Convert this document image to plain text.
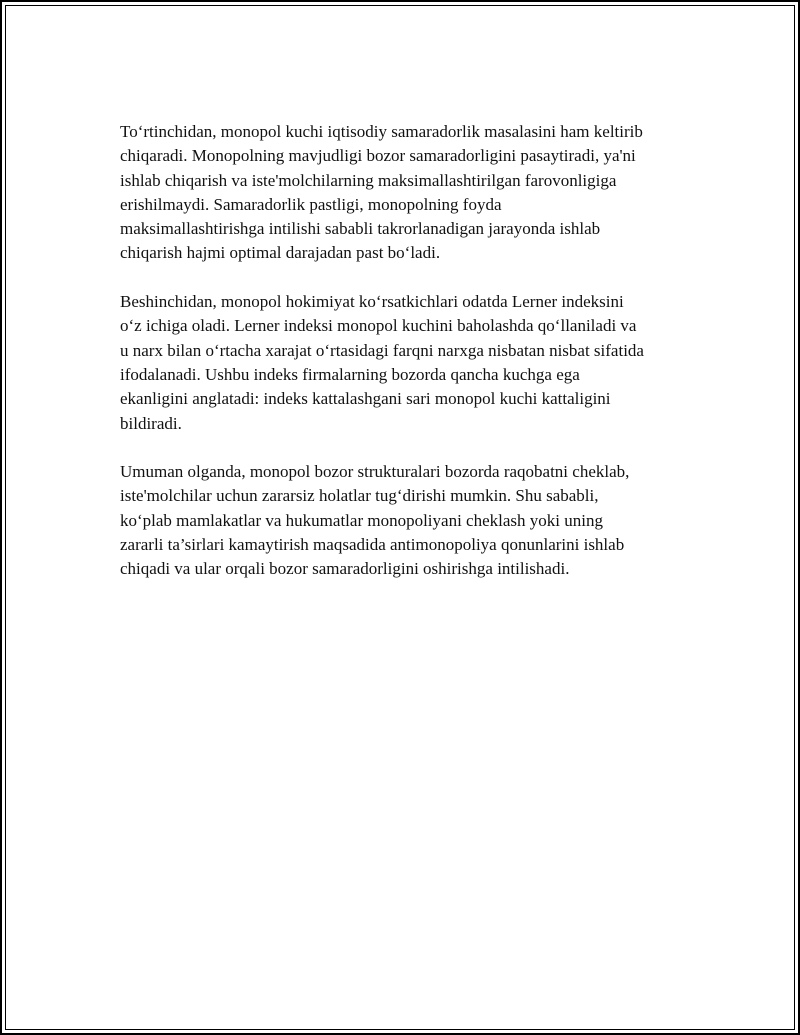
To‘rtinchidan, monopol kuchi iqtisodiy samaradorlik masalasini ham keltirib
chiqaradi. Monopolning mavjudligi bozor samaradorligini pasaytiradi, ya'ni
ishlab chiqarish va iste'molchilarning maksimallashtirilgan farovonligiga
erishilmaydi. Samaradorlik pastligi, monopolning foyda
maksimallashtirishga intilishi sababli takrorlanadigan jarayonda ishlab
chiqarish hajmi optimal darajadan past bo‘ladi.

Beshinchidan, monopol hokimiyat ko‘rsatkichlari odatda Lerner indeksini
o‘z ichiga oladi. Lerner indeksi monopol kuchini baholashda qo‘llaniladi va
u narx bilan o‘rtacha xarajat o‘rtasidagi farqni narxga nisbatan nisbat sifatida
ifodalanadi. Ushbu indeks firmalarning bozorda qancha kuchga ega
ekanligini anglatadi: indeks kattalashgani sari monopol kuchi kattaligini
bildiradi.

Umuman olganda, monopol bozor strukturalari bozorda raqobatni cheklab,
iste'molchilar uchun zararsiz holatlar tug‘dirishi mumkin. Shu sababli,
ko‘plab mamlakatlar va hukumatlar monopoliyani cheklash yoki uning
zararli ta’sirlari kamaytirish maqsadida antimonopoliya qonunlarini ishlab
chiqadi va ular orqali bozor samaradorligini oshirishga intilishadi.
